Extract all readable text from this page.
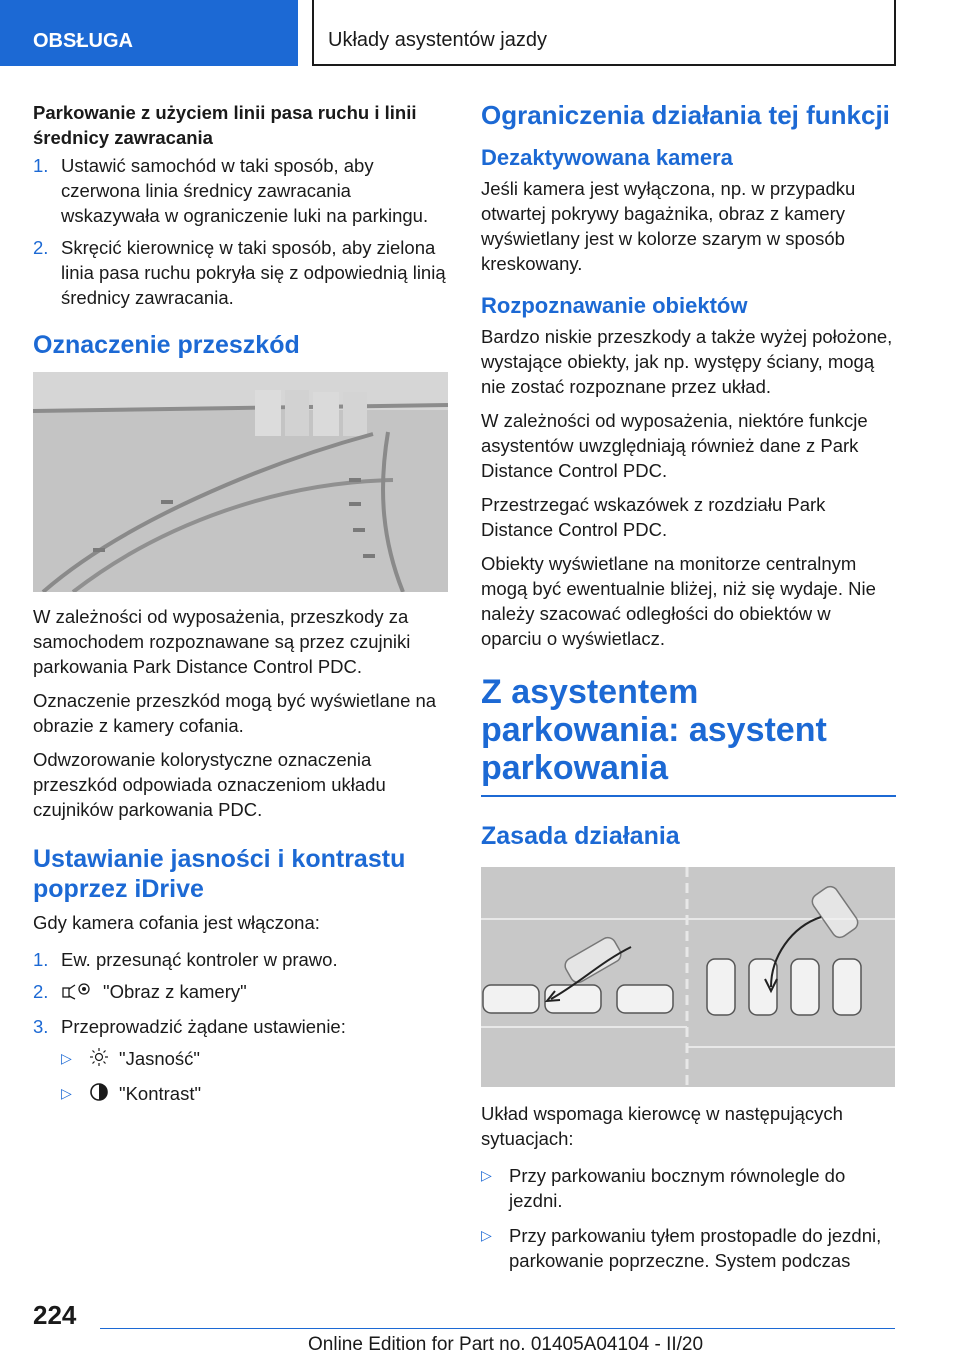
OBSŁUGA	Układy asystentów jazdy
Parkowanie z użyciem linii pasa ruchu i linii średnicy zawracania
1. Ustawić samochód w taki sposób, aby czerwona linia średnicy zawracania wskazywała w ograniczenie luki na parkingu.
2. Skręcić kierownicę w taki sposób, aby zielona linia pasa ruchu pokryła się z odpowiednią linią średnicy zawracania.
Oznaczenie przeszkód

W zależności od wyposażenia, przeszkody za samochodem rozpoznawane są przez czujniki parkowania Park Distance Control PDC.

Oznaczenie przeszkód mogą być wyświetlane na obrazie z kamery cofania.

Odwzorowanie kolorystyczne oznaczenia przeszkód odpowiada oznaczeniom układu czujników parkowania PDC.

Ustawianie jasności i kontrastu poprzez iDrive

Gdy kamera cofania jest włączona:

1. Ew. przesunąć kontroler w prawo.
2.	"Obraz z kamery"
3. Przeprowadzić żądane ustawienie:
▷	"Jasność"
▷	"Kontrast"
Ograniczenia działania tej funkcji
Dezaktywowana kamera

Jeśli kamera jest wyłączona, np. w przypadku otwartej pokrywy bagażnika, obraz z kamery wyświetlany jest w kolorze szarym w sposób kreskowany.

Rozpoznawanie obiektów

Bardzo niskie przeszkody a także wyżej położone, wystające obiekty, jak np. występy ściany, mogą nie zostać rozpoznane przez układ.

W zależności od wyposażenia, niektóre funkcje asystentów uwzględniają również dane z Park Distance Control PDC.

Przestrzegać wskazówek z rozdziału Park Distance Control PDC.

Obiekty wyświetlane na monitorze centralnym mogą być ewentualnie bliżej, niż się wydaje. Nie należy szacować odległości do obiektów w oparciu o wyświetlacz.

Z asystentem parkowania: asystent parkowania
Zasada działania

Układ wspomaga kierowcę w następujących sytuacjach:

▷ Przy parkowaniu bocznym równolegle do jezdni.
▷ Przy parkowaniu tyłem prostopadle do jezdni, parkowanie poprzeczne. System podczas
224
Online Edition for Part no. 01405A04104 - II/20
